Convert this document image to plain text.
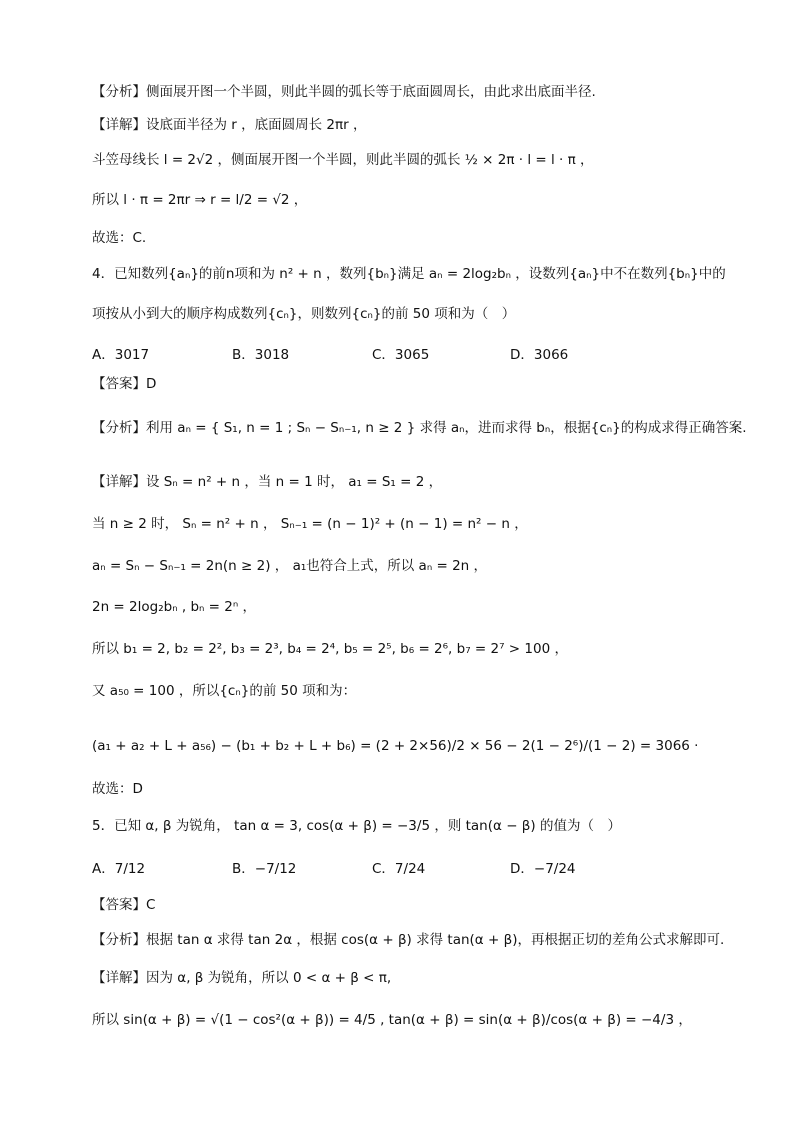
【分析】侧面展开图一个半圆，则此半圆的弧长等于底面圆周长，由此求出底面半径.
【详解】设底面半径为 r ，底面圆周长 2πr ，
斗笠母线长 l = 2√2 ，侧面展开图一个半圆，则此半圆的弧长 ½ × 2π · l = l · π ，
所以 l · π = 2πr ⇒ r = l/2 = √2 ，
故选：C.
4．已知数列{aₙ}的前n项和为 n² + n ，数列{bₙ}满足 aₙ = 2log₂bₙ ，设数列{aₙ}中不在数列{bₙ}中的
项按从小到大的顺序构成数列{cₙ}，则数列{cₙ}的前 50 项和为（　）
A．3017	B．3018	C．3065	D．3066
【答案】D
【分析】利用 aₙ = { S₁, n = 1 ; Sₙ − Sₙ₋₁, n ≥ 2 } 求得 aₙ，进而求得 bₙ，根据{cₙ}的构成求得正确答案.
【详解】设 Sₙ = n² + n ，当 n = 1 时， a₁ = S₁ = 2 ，
当 n ≥ 2 时， Sₙ = n² + n ， Sₙ₋₁ = (n − 1)² + (n − 1) = n² − n ，
aₙ = Sₙ − Sₙ₋₁ = 2n(n ≥ 2) ， a₁也符合上式，所以 aₙ = 2n ，
2n = 2log₂bₙ , bₙ = 2ⁿ ，
所以 b₁ = 2, b₂ = 2², b₃ = 2³, b₄ = 2⁴, b₅ = 2⁵, b₆ = 2⁶, b₇ = 2⁷ > 100 ，
又 a₅₀ = 100 ，所以{cₙ}的前 50 项和为：
(a₁ + a₂ + L + a₅₆) − (b₁ + b₂ + L + b₆) = (2 + 2×56)/2 × 56 − 2(1 − 2⁶)/(1 − 2) = 3066 ·
故选：D
5．已知 α, β 为锐角， tan α = 3, cos(α + β) = −3/5 ，则 tan(α − β) 的值为（　）
A．7/12	B．−7/12	C．7/24	D．−7/24
【答案】C
【分析】根据 tan α 求得 tan 2α ，根据 cos(α + β) 求得 tan(α + β)，再根据正切的差角公式求解即可.
【详解】因为 α, β 为锐角，所以 0 < α + β < π,
所以 sin(α + β) = √(1 − cos²(α + β)) = 4/5 , tan(α + β) = sin(α + β)/cos(α + β) = −4/3 ，
